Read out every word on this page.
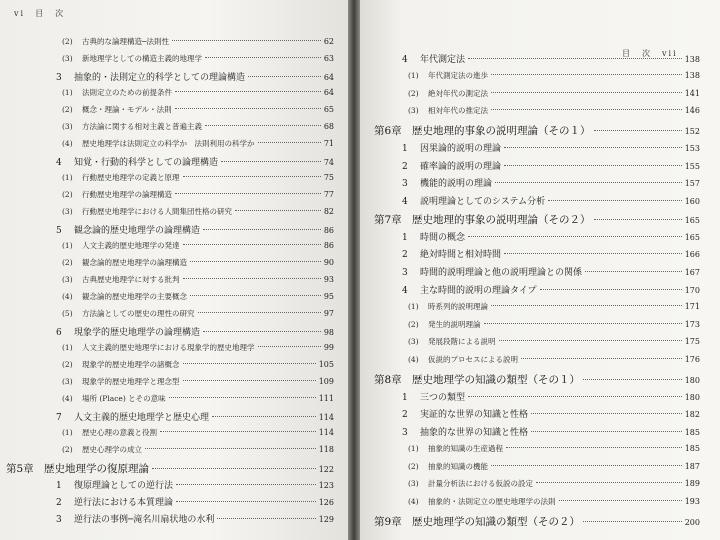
vi　目　次
(2)	古典的な論理構造─法則性	62
(3)	新地理学としての構造主義的地理学	63
3	抽象的・法則定立的科学としての理論構造	64
(1)	法則定立のための前提条件	64
(2)	概念・理論・モデル・法則	65
(3)	方法論に関する相対主義と普遍主義	68
(4)	歴史地理学は法則定立の科学か　法則利用の科学か	71
4	知覚・行動的科学としての論理構造	74
(1)	行動歴史地理学の定義と原理	75
(2)	行動歴史地理学の論理構造	77
(3)	行動歴史地理学における人間集団性格の研究	82
5	観念論的歴史地理学の論理構造	86
(1)	人文主義的歴史地理学の発達	86
(2)	観念論的歴史地理学の論理構造	90
(3)	古典歴史地理学に対する批判	93
(4)	観念論的歴史地理学の主要概念	95
(5)	方法論としての歴史の理性の研究	97
6	現象学的歴史地理学の論理構造	98
(1)	人文主義的歴史地理学における現象学的歴史地理学	99
(2)	現象学的歴史地理学の諸概念	105
(3)	現象学的歴史地理学と理念型	109
(4)	場所 (Place) とその意味	111
7	人文主義的歴史地理学と歴史心理	114
(1)	歴史心理の意義と役割	114
(2)	歴史心理学の成立	118
第5章 歴史地理学の復原理論	122
1	復原理論としての逆行法	123
2	逆行法における本質理論	126
3	逆行法の事例─滝名川扇状地の水利	129
目　次　vii
4	年代測定法	138
(1)	年代測定法の進歩	138
(2)	絶対年代の測定法	141
(3)	相対年代の推定法	146
第6章 歴史地理的事象の説明理論（その１）	152
1	因果論的説明の理論	153
2	確率論的説明の理論	155
3	機能的説明の理論	157
4	説明理論としてのシステム分析	160
第7章 歴史地理的事象の説明理論（その２）	165
1	時間の概念	165
2	絶対時間と相対時間	166
3	時間的説明理論と他の説明理論との関係	167
4	主な時間的説明の理論タイプ	170
(1)	時系列的説明理論	171
(2)	発生的説明理論	173
(3)	発展段階による説明	175
(4)	仮説的プロセスによる説明	176
第8章 歴史地理学の知識の類型（その１）	180
1	三つの類型	180
2	実証的な世界の知識と性格	182
3	抽象的な世界の知識と性格	185
(1)	抽象的知識の生産過程	185
(2)	抽象的知識の機能	187
(3)	計量分析法における仮説の設定	189
(4)	抽象的・法則定立の歴史地理学の法則	193
第9章 歴史地理学の知識の類型（その２）	200
